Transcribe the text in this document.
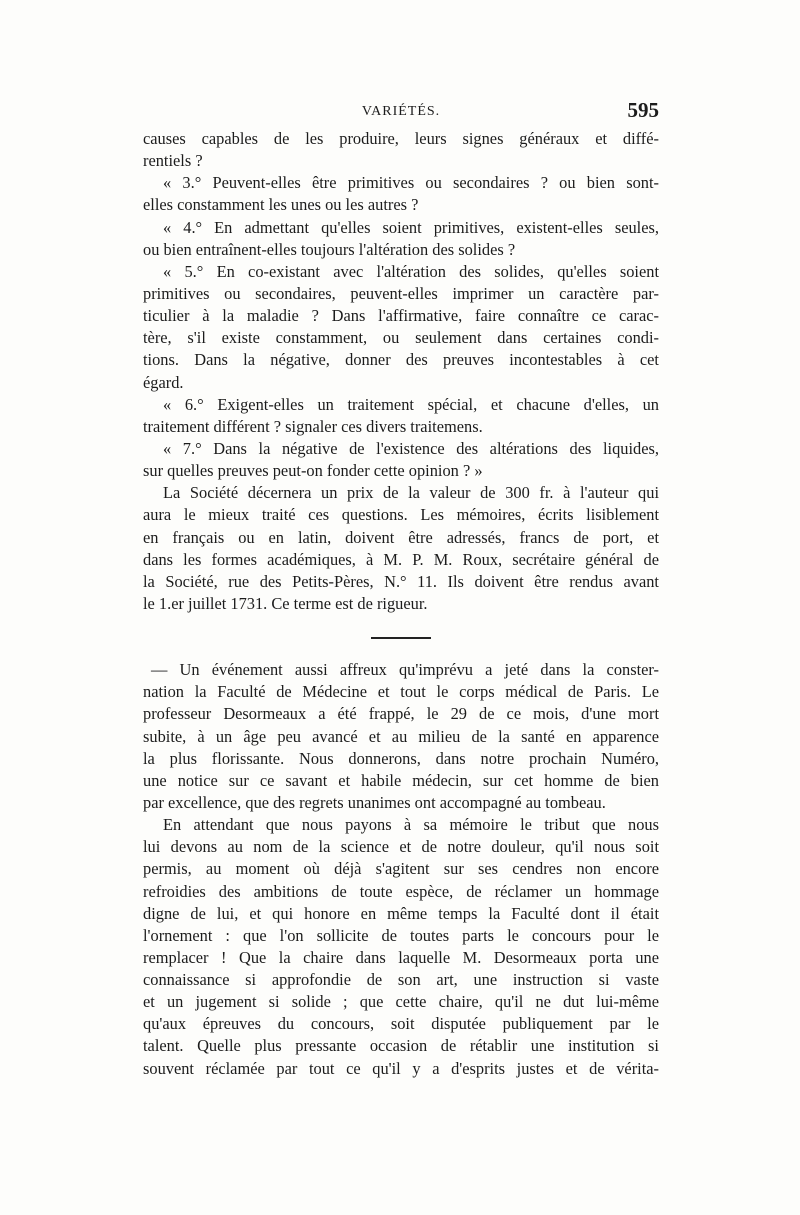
VARIÉTÉS.	595
causes capables de les produire, leurs signes généraux et diffé-
rentiels ?
« 3.° Peuvent-elles être primitives ou secondaires ? ou bien sont-
elles constamment les unes ou les autres ?
« 4.° En admettant qu'elles soient primitives, existent-elles seules,
ou bien entraînent-elles toujours l'altération des solides ?
« 5.° En co-existant avec l'altération des solides, qu'elles soient
primitives ou secondaires, peuvent-elles imprimer un caractère par-
ticulier à la maladie ? Dans l'affirmative, faire connaître ce carac-
tère, s'il existe constamment, ou seulement dans certaines condi-
tions. Dans la négative, donner des preuves incontestables à cet
égard.
« 6.° Exigent-elles un traitement spécial, et chacune d'elles, un
traitement différent ? signaler ces divers traitemens.
« 7.° Dans la négative de l'existence des altérations des liquides,
sur quelles preuves peut-on fonder cette opinion ? »
La Société décernera un prix de la valeur de 300 fr. à l'auteur qui
aura le mieux traité ces questions. Les mémoires, écrits lisiblement
en français ou en latin, doivent être adressés, francs de port, et
dans les formes académiques, à M. P. M. Roux, secrétaire général de
la Société, rue des Petits-Pères, N.° 11. Ils doivent être rendus avant
le 1.er juillet 1731. Ce terme est de rigueur.
— Un événement aussi affreux qu'imprévu a jeté dans la conster-
nation la Faculté de Médecine et tout le corps médical de Paris. Le
professeur Desormeaux a été frappé, le 29 de ce mois, d'une mort
subite, à un âge peu avancé et au milieu de la santé en apparence
la plus florissante. Nous donnerons, dans notre prochain Numéro,
une notice sur ce savant et habile médecin, sur cet homme de bien
par excellence, que des regrets unanimes ont accompagné au tombeau.
En attendant que nous payons à sa mémoire le tribut que nous
lui devons au nom de la science et de notre douleur, qu'il nous soit
permis, au moment où déjà s'agitent sur ses cendres non encore
refroidies des ambitions de toute espèce, de réclamer un hommage
digne de lui, et qui honore en même temps la Faculté dont il était
l'ornement : que l'on sollicite de toutes parts le concours pour le
remplacer ! Que la chaire dans laquelle M. Desormeaux porta une
connaissance si approfondie de son art, une instruction si vaste
et un jugement si solide ; que cette chaire, qu'il ne dut lui-même
qu'aux épreuves du concours, soit disputée publiquement par le
talent. Quelle plus pressante occasion de rétablir une institution si
souvent réclamée par tout ce qu'il y a d'esprits justes et de vérita-
